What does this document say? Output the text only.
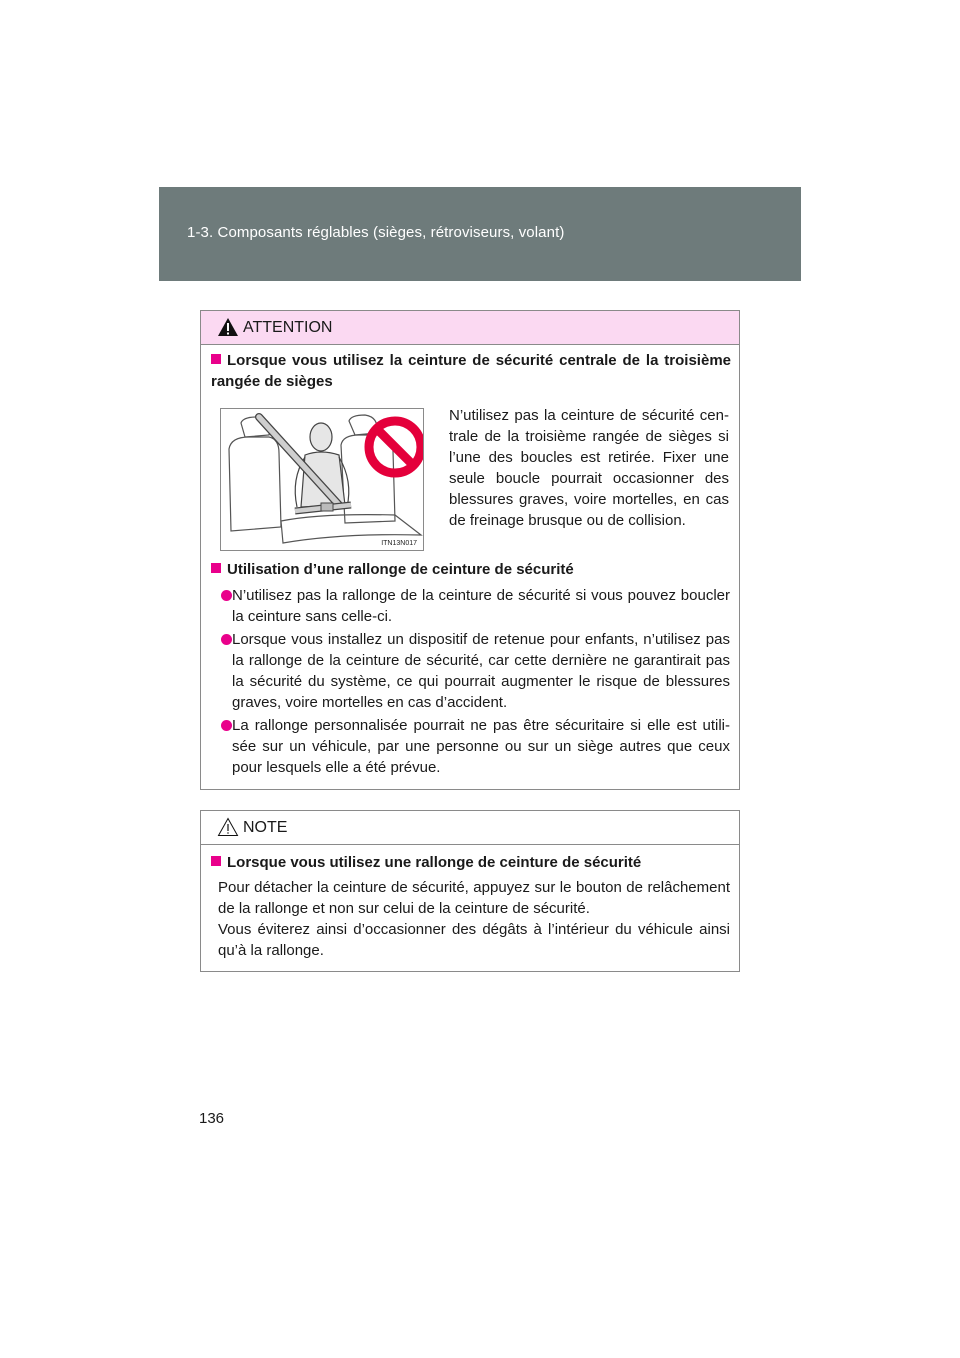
1-3. Composants réglables (sièges, rétroviseurs, volant)
ATTENTION
Lorsque vous utilisez la ceinture de sécurité centrale de la troisième rangée de sièges
ITN13N017
N’utilisez pas la ceinture de sécurité cen-trale de la troisième rangée de sièges si l’une des boucles est retirée. Fixer une seule boucle pourrait occasionner des blessures graves, voire mortelles, en cas de freinage brusque ou de collision.
Utilisation d’une rallonge de ceinture de sécurité
N’utilisez pas la rallonge de la ceinture de sécurité si vous pouvez boucler la ceinture sans celle-ci.
Lorsque vous installez un dispositif de retenue pour enfants, n’utilisez pas la rallonge de la ceinture de sécurité, car cette dernière ne garantirait pas la sécurité du système, ce qui pourrait augmenter le risque de blessures graves, voire mortelles en cas d’accident.
La rallonge personnalisée pourrait ne pas être sécuritaire si elle est utili-sée sur un véhicule, par une personne ou sur un siège autres que ceux pour lesquels elle a été prévue.
NOTE
Lorsque vous utilisez une rallonge de ceinture de sécurité

Pour détacher la ceinture de sécurité, appuyez sur le bouton de relâchement de la rallonge et non sur celui de la ceinture de sécurité.

Vous éviterez ainsi d’occasionner des dégâts à l’intérieur du véhicule ainsi qu’à la rallonge.

136
